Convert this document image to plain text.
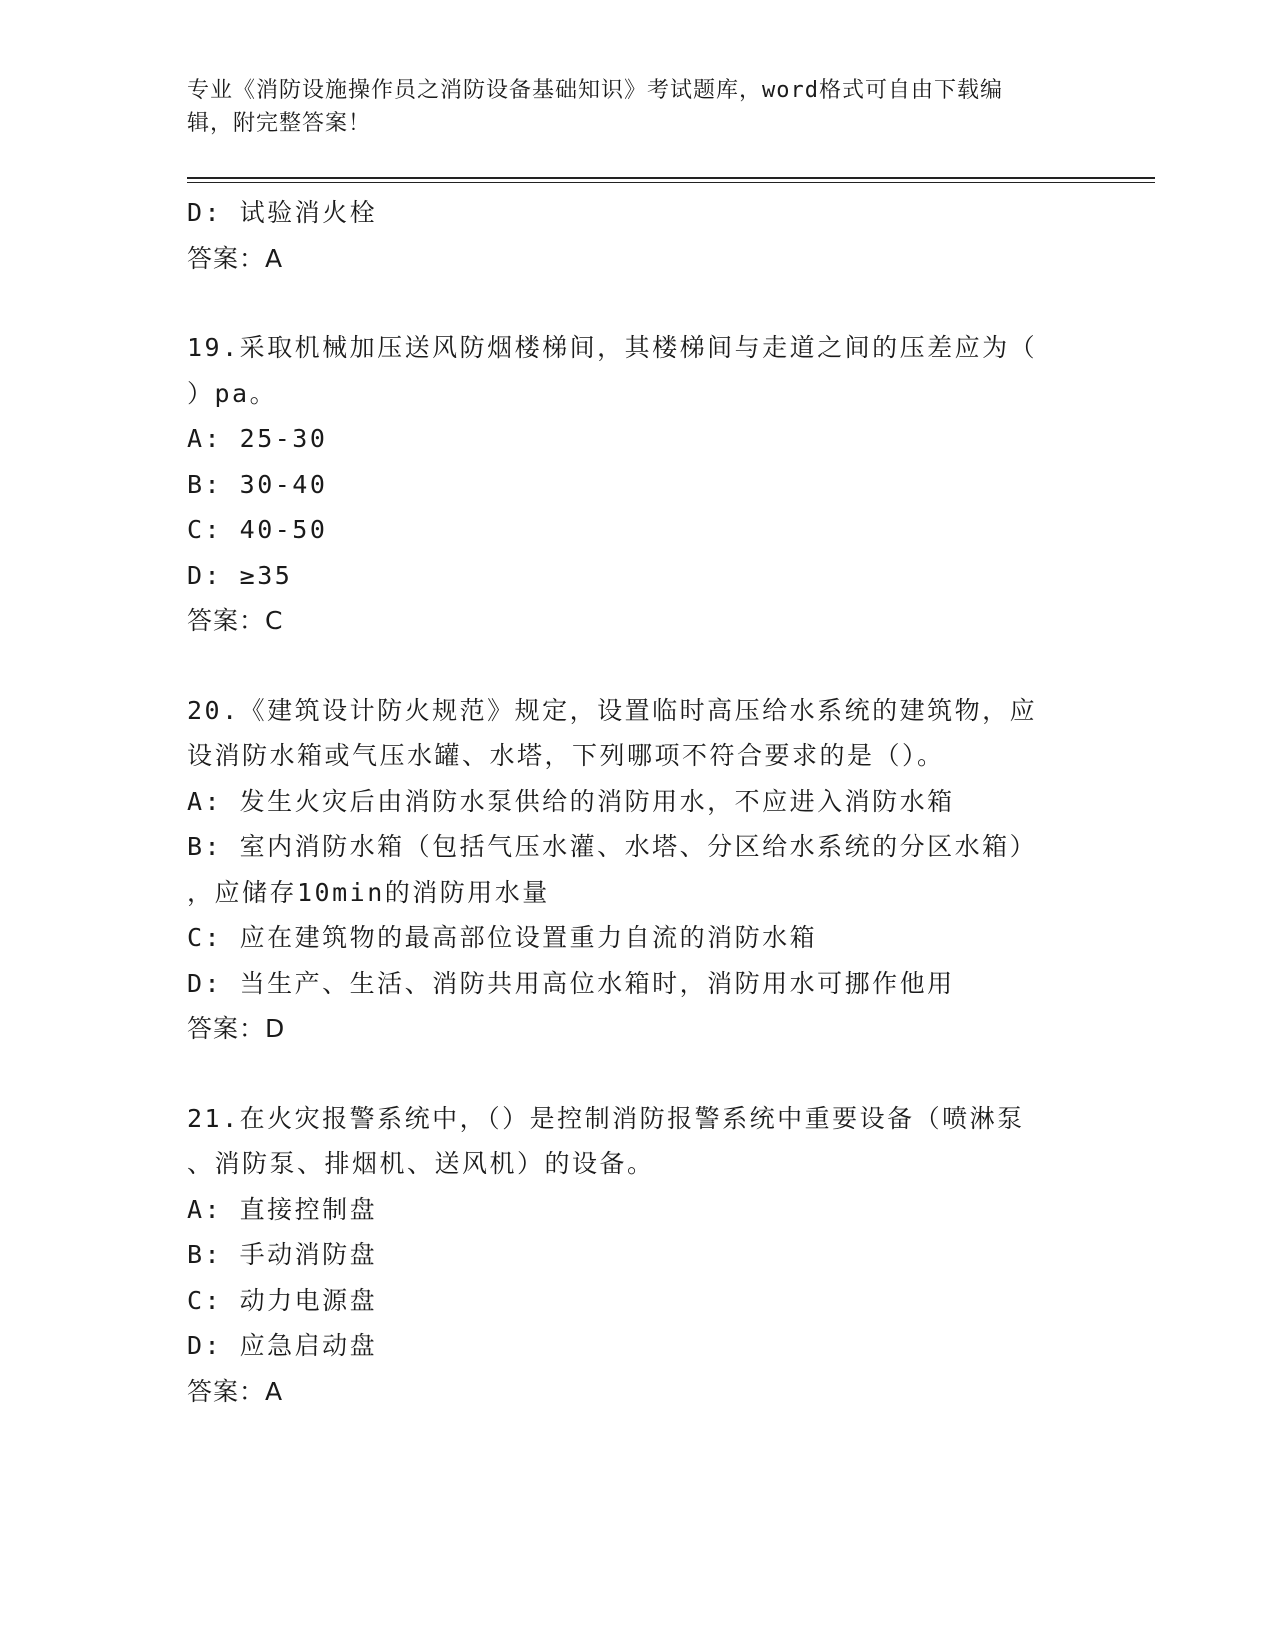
专业《消防设施操作员之消防设备基础知识》考试题库，word格式可自由下载编
辑，附完整答案！
D: 试验消火栓
答案：A
19.采取机械加压送风防烟楼梯间，其楼梯间与走道之间的压差应为（
）pa。
A: 25-30
B: 30-40
C: 40-50
D: ≥35
答案：C
20.《建筑设计防火规范》规定，设置临时高压给水系统的建筑物，应
设消防水箱或气压水罐、水塔，下列哪项不符合要求的是（）。
A: 发生火灾后由消防水泵供给的消防用水，不应进入消防水箱
B: 室内消防水箱（包括气压水灌、水塔、分区给水系统的分区水箱）
，应储存10min的消防用水量
C: 应在建筑物的最高部位设置重力自流的消防水箱
D: 当生产、生活、消防共用高位水箱时，消防用水可挪作他用
答案：D
21.在火灾报警系统中，（）是控制消防报警系统中重要设备（喷淋泵
、消防泵、排烟机、送风机）的设备。
A: 直接控制盘
B: 手动消防盘
C: 动力电源盘
D: 应急启动盘
答案：A
